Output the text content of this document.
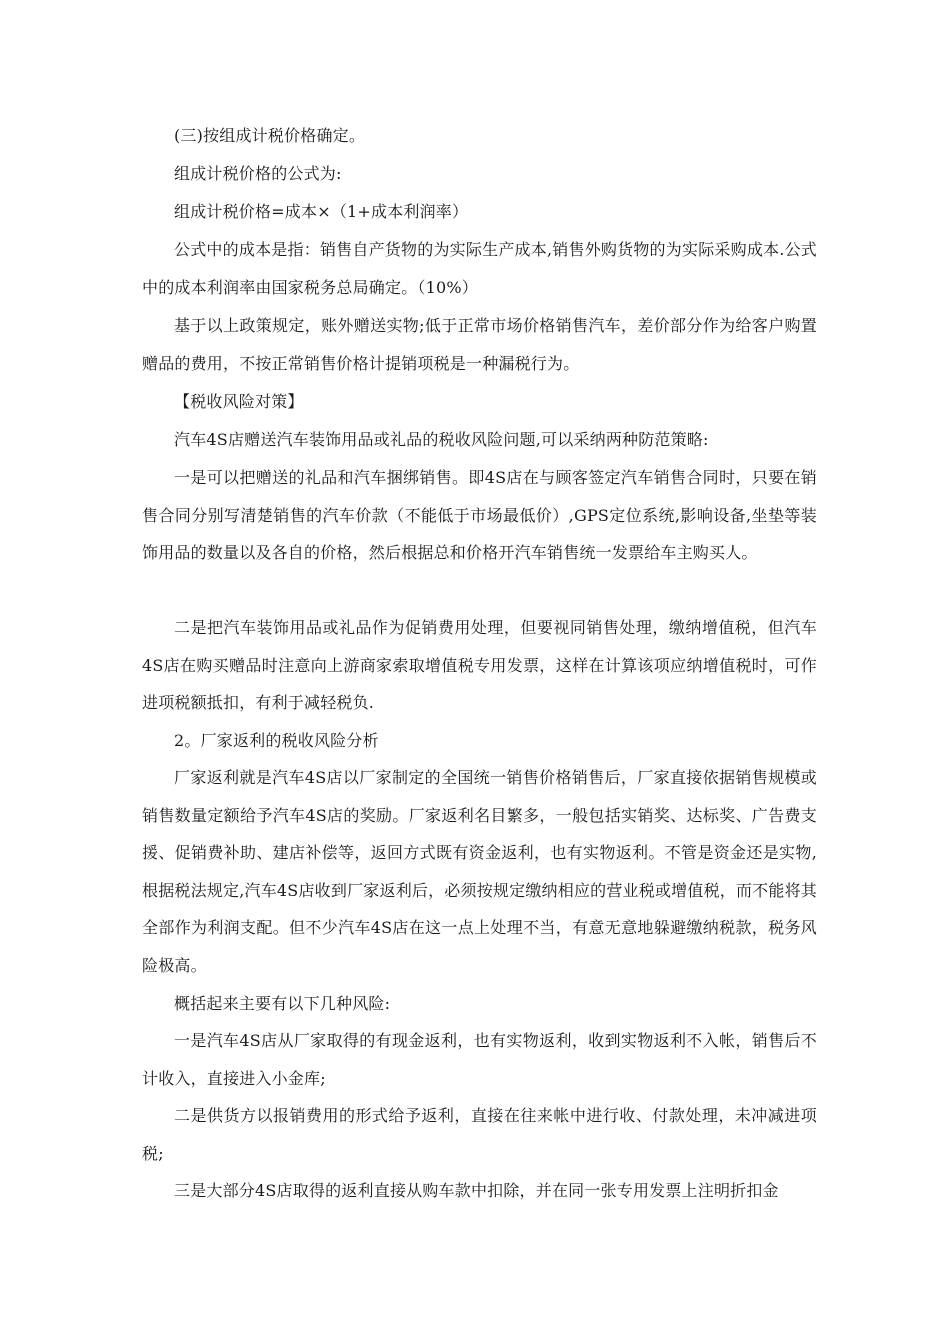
(三)按组成计税价格确定。

组成计税价格的公式为:

组成计税价格=成本×（1+成本利润率）

公式中的成本是指：销售自产货物的为实际生产成本,销售外购货物的为实际采购成本.公式中的成本利润率由国家税务总局确定。（10%）

基于以上政策规定，账外赠送实物;低于正常市场价格销售汽车，差价部分作为给客户购置赠品的费用，不按正常销售价格计提销项税是一种漏税行为。

【税收风险对策】

汽车4S店赠送汽车装饰用品或礼品的税收风险问题,可以采纳两种防范策略:

一是可以把赠送的礼品和汽车捆绑销售。即4S店在与顾客签定汽车销售合同时，只要在销售合同分别写清楚销售的汽车价款（不能低于市场最低价）,GPS定位系统,影响设备,坐垫等装饰用品的数量以及各自的价格，然后根据总和价格开汽车销售统一发票给车主购买人。

二是把汽车装饰用品或礼品作为促销费用处理，但要视同销售处理，缴纳增值税，但汽车4S店在购买赠品时注意向上游商家索取增值税专用发票，这样在计算该项应纳增值税时，可作进项税额抵扣，有利于减轻税负.

2。厂家返利的税收风险分析

厂家返利就是汽车4S店以厂家制定的全国统一销售价格销售后，厂家直接依据销售规模或销售数量定额给予汽车4S店的奖励。厂家返利名目繁多，一般包括实销奖、达标奖、广告费支援、促销费补助、建店补偿等，返回方式既有资金返利，也有实物返利。不管是资金还是实物,根据税法规定,汽车4S店收到厂家返利后，必须按规定缴纳相应的营业税或增值税，而不能将其全部作为利润支配。但不少汽车4S店在这一点上处理不当，有意无意地躲避缴纳税款，税务风险极高。

概括起来主要有以下几种风险:

一是汽车4S店从厂家取得的有现金返利，也有实物返利，收到实物返利不入帐，销售后不计收入，直接进入小金库;

二是供货方以报销费用的形式给予返利，直接在往来帐中进行收、付款处理，未冲减进项税;

三是大部分4S店取得的返利直接从购车款中扣除，并在同一张专用发票上注明折扣金
